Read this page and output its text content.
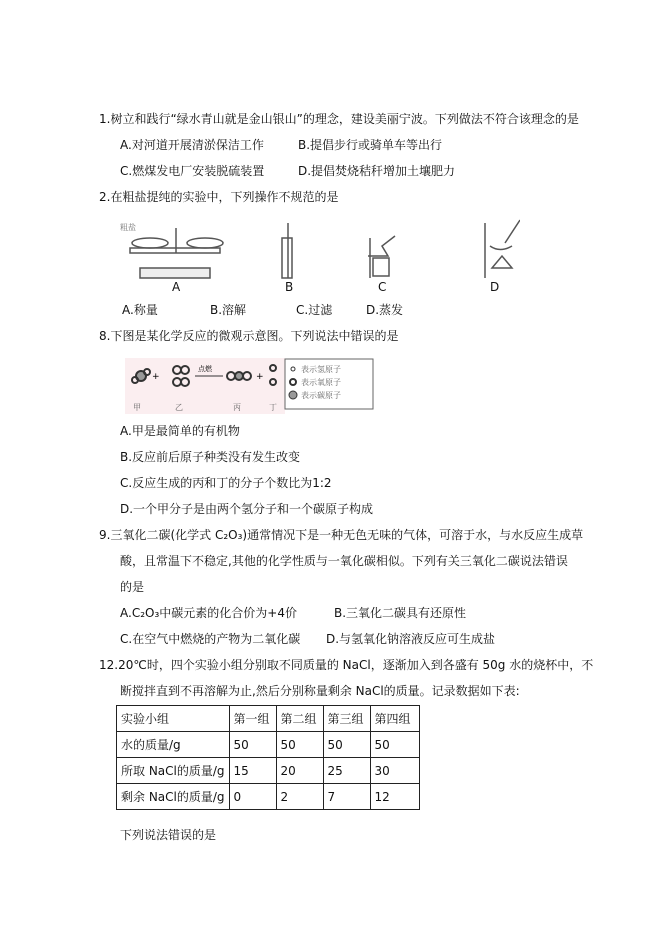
1.树立和践行“绿水青山就是金山银山”的理念，建设美丽宁波。下列做法不符合该理念的是
A.对河道开展清淤保洁工作	B.提倡步行或骑单车等出行
C.燃煤发电厂安装脱硫装置	D.提倡焚烧秸秆增加土壤肥力
2.在粗盐提纯的实验中，下列操作不规范的是
粗盐
A	B	C	D
A.称量	B.溶解	C.过滤	D.蒸发
8.下图是某化学反应的微观示意图。下列说法中错误的是
+	+
点燃
甲	乙	丙	丁
表示氢原子
表示氧原子
表示碳原子
A.甲是最简单的有机物
B.反应前后原子种类没有发生改变
C.反应生成的丙和丁的分子个数比为1:2
D.一个甲分子是由两个氢分子和一个碳原子构成
9.三氧化二碳(化学式 C₂O₃)通常情况下是一种无色无味的气体，可溶于水，与水反应生成草
酸，且常温下不稳定,其他的化学性质与一氧化碳相似。下列有关三氧化二碳说法错误
的是
A.C₂O₃中碳元素的化合价为+4价	B.三氧化二碳具有还原性
C.在空气中燃烧的产物为二氧化碳 D.与氢氧化钠溶液反应可生成盐
12.20℃时，四个实验小组分别取不同质量的 NaCl，逐渐加入到各盛有 50g 水的烧杯中，不
断搅拌直到不再溶解为止,然后分别称量剩余 NaCl的质量。记录数据如下表:
实验小组	第一组	第二组	第三组	第四组
水的质量/g	50	50	50	50
所取 NaCl的质量/g	15	20	25	30
剩余 NaCl的质量/g	0	2	7	12
下列说法错误的是
